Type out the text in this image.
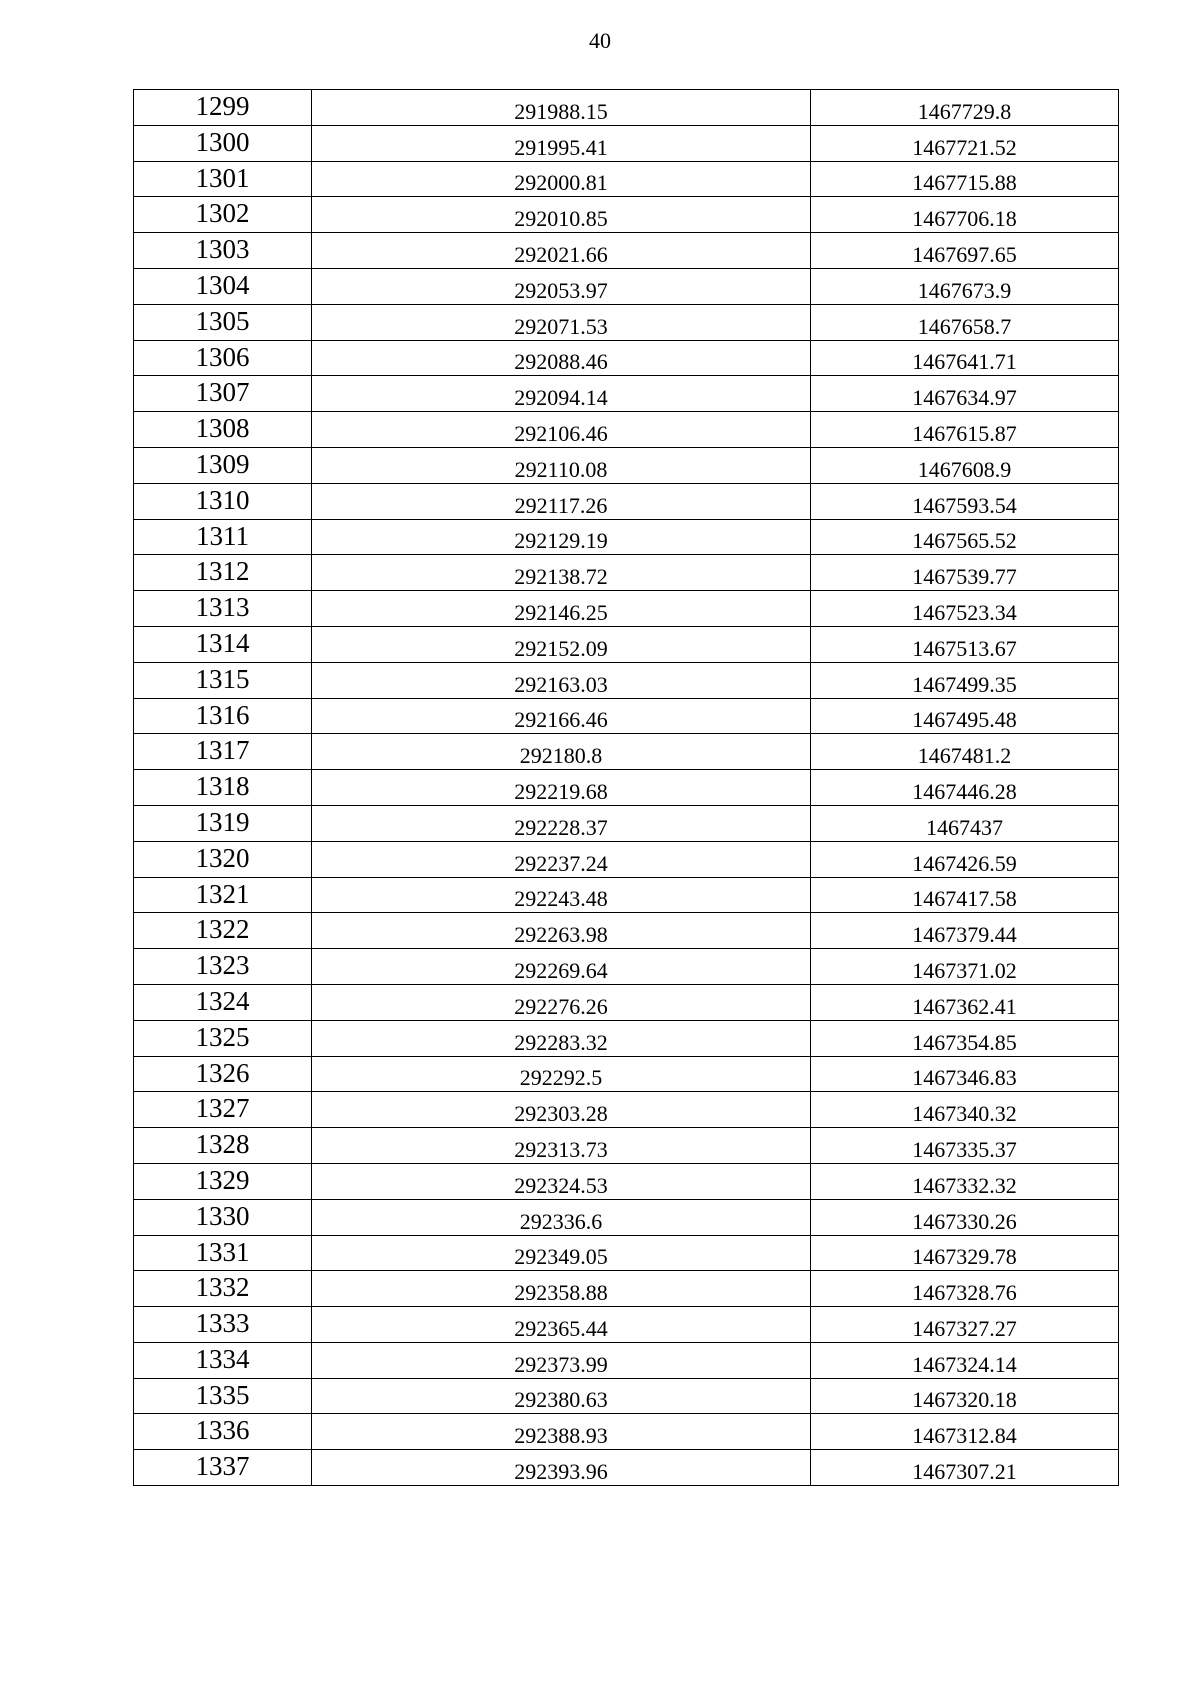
40
1299	291988.15	1467729.8
1300	291995.41	1467721.52
1301	292000.81	1467715.88
1302	292010.85	1467706.18
1303	292021.66	1467697.65
1304	292053.97	1467673.9
1305	292071.53	1467658.7
1306	292088.46	1467641.71
1307	292094.14	1467634.97
1308	292106.46	1467615.87
1309	292110.08	1467608.9
1310	292117.26	1467593.54
1311	292129.19	1467565.52
1312	292138.72	1467539.77
1313	292146.25	1467523.34
1314	292152.09	1467513.67
1315	292163.03	1467499.35
1316	292166.46	1467495.48
1317	292180.8	1467481.2
1318	292219.68	1467446.28
1319	292228.37	1467437
1320	292237.24	1467426.59
1321	292243.48	1467417.58
1322	292263.98	1467379.44
1323	292269.64	1467371.02
1324	292276.26	1467362.41
1325	292283.32	1467354.85
1326	292292.5	1467346.83
1327	292303.28	1467340.32
1328	292313.73	1467335.37
1329	292324.53	1467332.32
1330	292336.6	1467330.26
1331	292349.05	1467329.78
1332	292358.88	1467328.76
1333	292365.44	1467327.27
1334	292373.99	1467324.14
1335	292380.63	1467320.18
1336	292388.93	1467312.84
1337	292393.96	1467307.21
